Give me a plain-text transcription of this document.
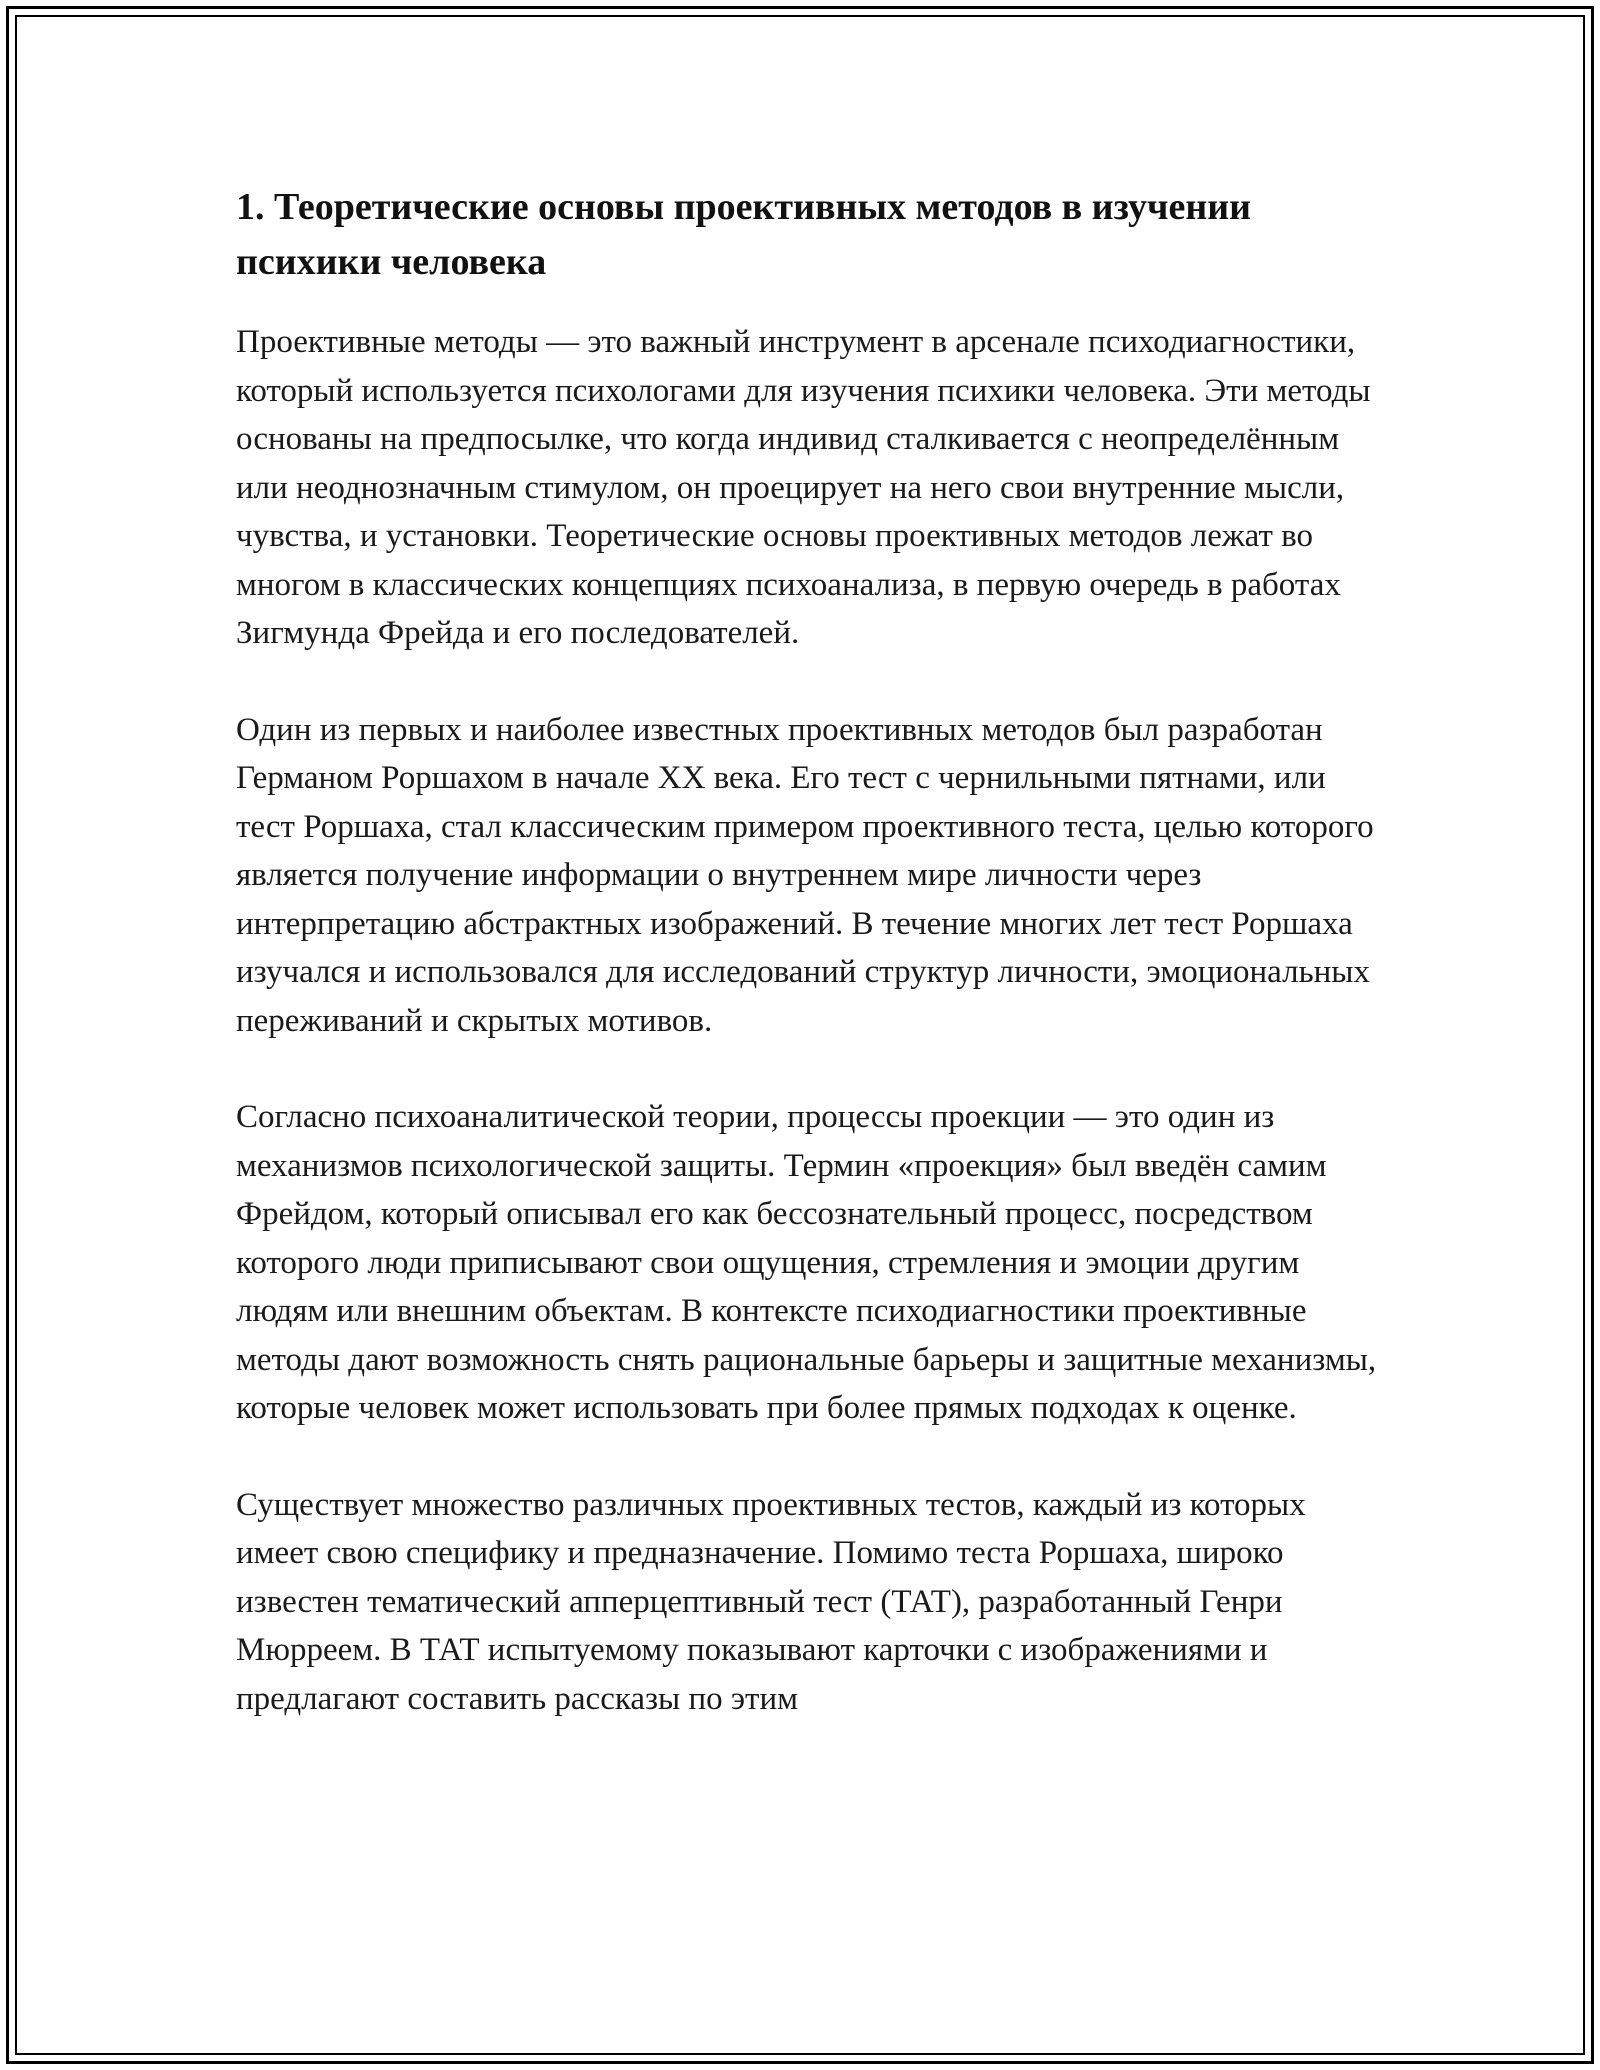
1. Теоретические основы проективных методов в изучении психики человека

Проективные методы — это важный инструмент в арсенале психодиагностики, который используется психологами для изучения психики человека. Эти методы основаны на предпосылке, что когда индивид сталкивается с неопределённым или неоднозначным стимулом, он проецирует на него свои внутренние мысли, чувства, и установки. Теоретические основы проективных методов лежат во многом в классических концепциях психоанализа, в первую очередь в работах Зигмунда Фрейда и его последователей.

Один из первых и наиболее известных проективных методов был разработан Германом Роршахом в начале XX века. Его тест с чернильными пятнами, или тест Роршаха, стал классическим примером проективного теста, целью которого является получение информации о внутреннем мире личности через интерпретацию абстрактных изображений. В течение многих лет тест Роршаха изучался и использовался для исследований структур личности, эмоциональных переживаний и скрытых мотивов.

Согласно психоаналитической теории, процессы проекции — это один из механизмов психологической защиты. Термин «проекция» был введён самим Фрейдом, который описывал его как бессознательный процесс, посредством которого люди приписывают свои ощущения, стремления и эмоции другим людям или внешним объектам. В контексте психодиагностики проективные методы дают возможность снять рациональные барьеры и защитные механизмы, которые человек может использовать при более прямых подходах к оценке.

Существует множество различных проективных тестов, каждый из которых имеет свою специфику и предназначение. Помимо теста Роршаха, широко известен тематический апперцептивный тест (ТАТ), разработанный Генри Мюрреем. В ТАТ испытуемому показывают карточки с изображениями и предлагают составить рассказы по этим
